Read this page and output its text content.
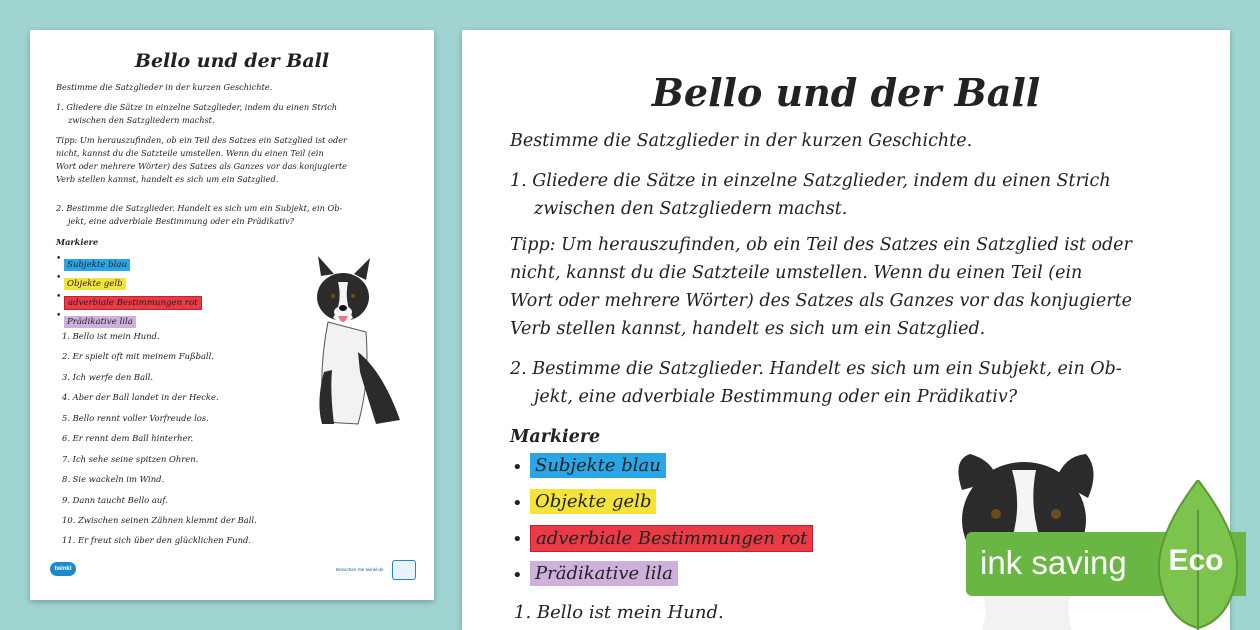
Bello und der Ball
Bestimme die Satzglieder in der kurzen Geschichte.
1. Gliedere die Sätze in einzelne Satzglieder, indem du einen Strich
zwischen den Satzgliedern machst.
Tipp: Um herauszufinden, ob ein Teil des Satzes ein Satzglied ist oder
nicht, kannst du die Satzteile umstellen. Wenn du einen Teil (ein
Wort oder mehrere Wörter) des Satzes als Ganzes vor das konjugierte
Verb stellen kannst, handelt es sich um ein Satzglied.
2. Bestimme die Satzglieder. Handelt es sich um ein Subjekt, ein Ob-
jekt, eine adverbiale Bestimmung oder ein Prädikativ?
Markiere
•
Subjekte blau
•
Objekte gelb
•
adverbiale Bestimmungen rot
•
Prädikative lila
1. Bello ist mein Hund.
2. Er spielt oft mit meinem Fußball.
3. Ich werfe den Ball.
4. Aber der Ball landet in der Hecke.
5. Bello rennt voller Vorfreude los.
6. Er rennt dem Ball hinterher.
7. Ich sehe seine spitzen Ohren.
8. Sie wackeln im Wind.
9. Dann taucht Bello auf.
10. Zwischen seinen Zähnen klemmt der Ball.
11. Er freut sich über den glücklichen Fund.
twinkl	Besuchen Sie twinkl.de
Bello und der Ball
Bestimme die Satzglieder in der kurzen Geschichte.
1. Gliedere die Sätze in einzelne Satzglieder, indem du einen Strich
zwischen den Satzgliedern machst.
Tipp: Um herauszufinden, ob ein Teil des Satzes ein Satzglied ist oder
nicht, kannst du die Satzteile umstellen. Wenn du einen Teil (ein
Wort oder mehrere Wörter) des Satzes als Ganzes vor das konjugierte
Verb stellen kannst, handelt es sich um ein Satzglied.
2. Bestimme die Satzglieder. Handelt es sich um ein Subjekt, ein Ob-
jekt, eine adverbiale Bestimmung oder ein Prädikativ?
Markiere
• Subjekte blau
• Objekte gelb
• adverbiale Bestimmungen rot
• Prädikative lila
1. Bello ist mein Hund.
ink saving	Eco
